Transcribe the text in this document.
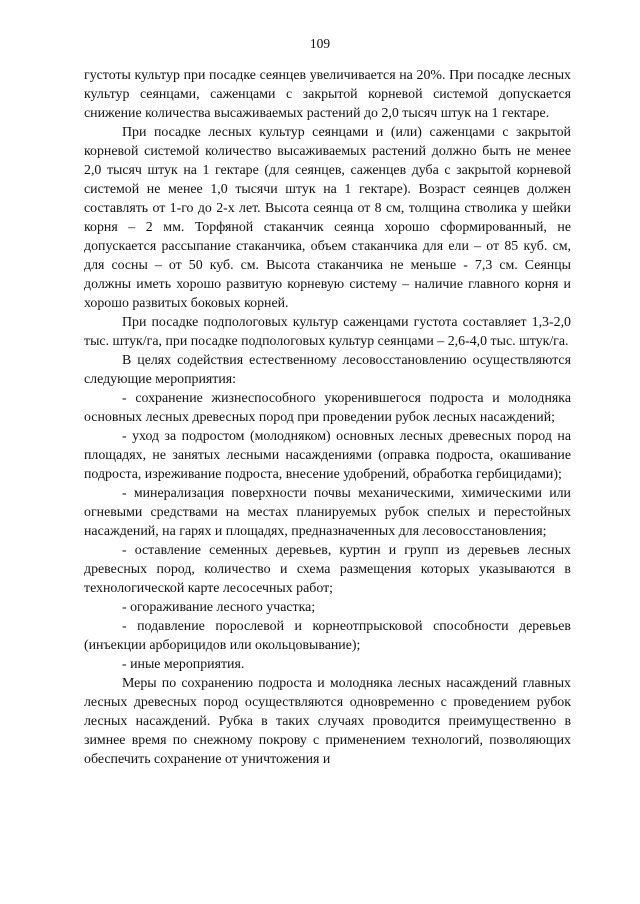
109

густоты культур при посадке сеянцев увеличивается на 20%. При посадке лесных культур сеянцами, саженцами с закрытой корневой системой допускается снижение количества высаживаемых растений до 2,0 тысяч штук на 1 гектаре.

При посадке лесных культур сеянцами и (или) саженцами с закрытой корневой системой количество высаживаемых растений должно быть не менее 2,0 тысяч штук на 1 гектаре (для сеянцев, саженцев дуба с закрытой корневой системой не менее 1,0 тысячи штук на 1 гектаре). Возраст сеянцев должен составлять от 1-го до 2-х лет. Высота сеянца от 8 см, толщина стволика у шейки корня – 2 мм. Торфяной стаканчик сеянца хорошо сформированный, не допускается рассыпание стаканчика, объем стаканчика для ели – от 85 куб. см, для сосны – от 50 куб. см. Высота стаканчика не меньше - 7,3 см. Сеянцы должны иметь хорошо развитую корневую систему – наличие главного корня и хорошо развитых боковых корней.

При посадке подпологовых культур саженцами густота составляет 1,3-2,0 тыс. штук/га, при посадке подпологовых культур сеянцами – 2,6-4,0 тыс. штук/га.

В целях содействия естественному лесовосстановлению осуществляются следующие мероприятия:

- сохранение жизнеспособного укоренившегося подроста и молодняка основных лесных древесных пород при проведении рубок лесных насаждений;

- уход за подростом (молодняком) основных лесных древесных пород на площадях, не занятых лесными насаждениями (оправка подроста, окашивание подроста, изреживание подроста, внесение удобрений, обработка гербицидами);

- минерализация поверхности почвы механическими, химическими или огневыми средствами на местах планируемых рубок спелых и перестойных насаждений, на гарях и площадях, предназначенных для лесовосстановления;

- оставление семенных деревьев, куртин и групп из деревьев лесных древесных пород, количество и схема размещения которых указываются в технологической карте лесосечных работ;

- огораживание лесного участка;

- подавление порослевой и корнеотпрысковой способности деревьев (инъекции арборицидов или окольцовывание);

- иные мероприятия.

Меры по сохранению подроста и молодняка лесных насаждений главных лесных древесных пород осуществляются одновременно с проведением рубок лесных насаждений. Рубка в таких случаях проводится преимущественно в зимнее время по снежному покрову с применением технологий, позволяющих обеспечить сохранение от уничтожения и
